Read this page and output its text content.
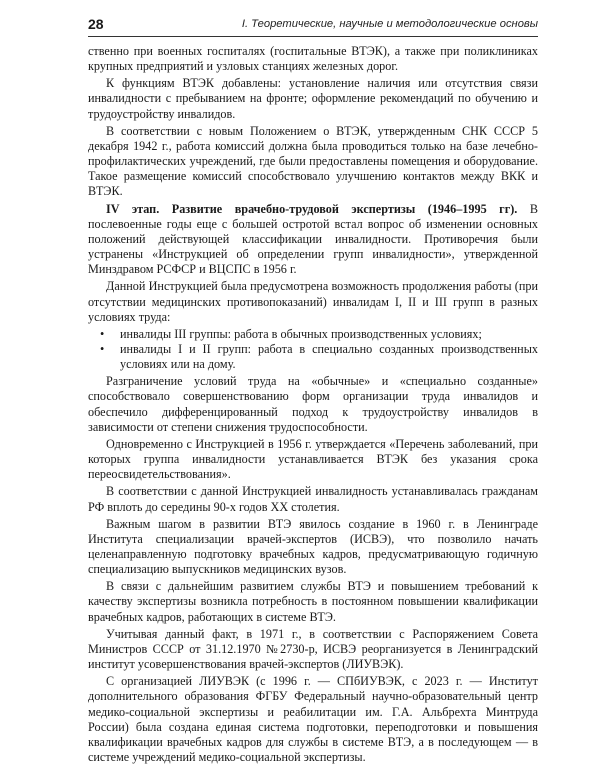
28	I. Теоретические, научные и методологические основы

ственно при военных госпиталях (госпитальные ВТЭК), а также при поликлиниках крупных предприятий и узловых станциях железных дорог.

К функциям ВТЭК добавлены: установление наличия или отсутствия связи инвалидности с пребыванием на фронте; оформление рекомендаций по обучению и трудоустройству инвалидов.

В соответствии с новым Положением о ВТЭК, утвержденным СНК СССР 5 декабря 1942 г., работа комиссий должна была проводиться только на базе лечебно-профилактических учреждений, где были предоставлены помещения и оборудование. Такое размещение комиссий способствовало улучшению контактов между ВКК и ВТЭК.

IV этап. Развитие врачебно-трудовой экспертизы (1946–1995 гг). В послевоенные годы еще с большей остротой встал вопрос об изменении основных положений действующей классификации инвалидности. Противоречия были устранены «Инструкцией об определении групп инвалидности», утвержденной Минздравом РСФСР и ВЦСПС в 1956 г.

Данной Инструкцией была предусмотрена возможность продолжения работы (при отсутствии медицинских противопоказаний) инвалидам I, II и III групп в разных условиях труда:

• инвалиды III группы: работа в обычных производственных условиях;
• инвалиды I и II групп: работа в специально созданных производственных условиях или на дому.

Разграничение условий труда на «обычные» и «специально созданные» способствовало совершенствованию форм организации труда инвалидов и обеспечило дифференцированный подход к трудоустройству инвалидов в зависимости от степени снижения трудоспособности.

Одновременно с Инструкцией в 1956 г. утверждается «Перечень заболеваний, при которых группа инвалидности устанавливается ВТЭК без указания срока переосвидетельствования».

В соответствии с данной Инструкцией инвалидность устанавливалась гражданам РФ вплоть до середины 90-х годов XX столетия.

Важным шагом в развитии ВТЭ явилось создание в 1960 г. в Ленинграде Института специализации врачей-экспертов (ИСВЭ), что позволило начать целенаправленную подготовку врачебных кадров, предусматривающую годичную специализацию выпускников медицинских вузов.

В связи с дальнейшим развитием службы ВТЭ и повышением требований к качеству экспертизы возникла потребность в постоянном повышении квалификации врачебных кадров, работающих в системе ВТЭ.

Учитывая данный факт, в 1971 г., в соответствии с Распоряжением Совета Министров СССР от 31.12.1970 №2730-р, ИСВЭ реорганизуется в Ленинградский институт усовершенствования врачей-экспертов (ЛИУВЭК).

С организацией ЛИУВЭК (с 1996 г. — СПбИУВЭК, с 2023 г. — Институт дополнительного образования ФГБУ Федеральный научно-образовательный центр медико-социальной экспертизы и реабилитации им. Г.А. Альбрехта Минтруда России) была создана единая система подготовки, переподготовки и повышения квалификации врачебных кадров для службы в системе ВТЭ, а в последующем — в системе учреждений медико-социальной экспертизы.
